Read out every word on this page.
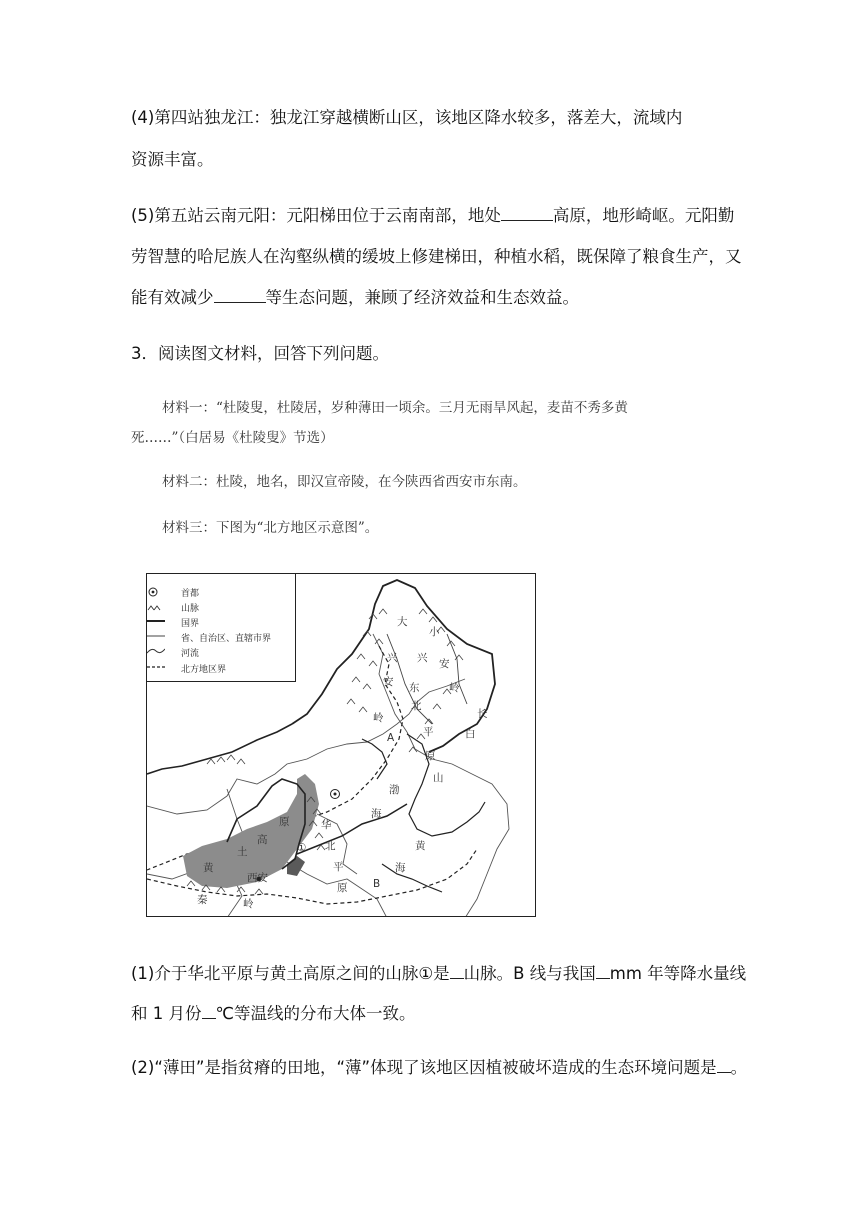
(4)第四站独龙江：独龙江穿越横断山区，该地区降水较多，落差大，流域内
资源丰富。
(5)第五站云南元阳：元阳梯田位于云南南部，地处	高原，地形崎岖。元阳勤
劳智慧的哈尼族人在沟壑纵横的缓坡上修建梯田，种植水稻，既保障了粮食生产，又
能有效减少	等生态问题，兼顾了经济效益和生态效益。
3．阅读图文材料，回答下列问题。
材料一：“杜陵叟，杜陵居，岁种薄田一顷余。三月无雨旱风起，麦苗不秀多黄
死……”（白居易《杜陵叟》节选）
材料二：杜陵，地名，即汉宣帝陵，在今陕西省西安市东南。
材料三：下图为“北方地区示意图”。
首都
山脉
国界
省、自治区、直辖市界
河流
北方地区界
大
兴
安
岭
小
兴 安
岭
东
北
平
原
长
白
山
渤
海
华
北
平
原
黄
海
黄
土
高
原
秦	岭
西安
A
B
①
(1)介于华北平原与黄土高原之间的山脉①是 山脉。B 线与我国 mm 年等降水量线
和 1 月份 ℃等温线的分布大体一致。
(2)“薄田”是指贫瘠的田地，“薄”体现了该地区因植被破坏造成的生态环境问题是 。
